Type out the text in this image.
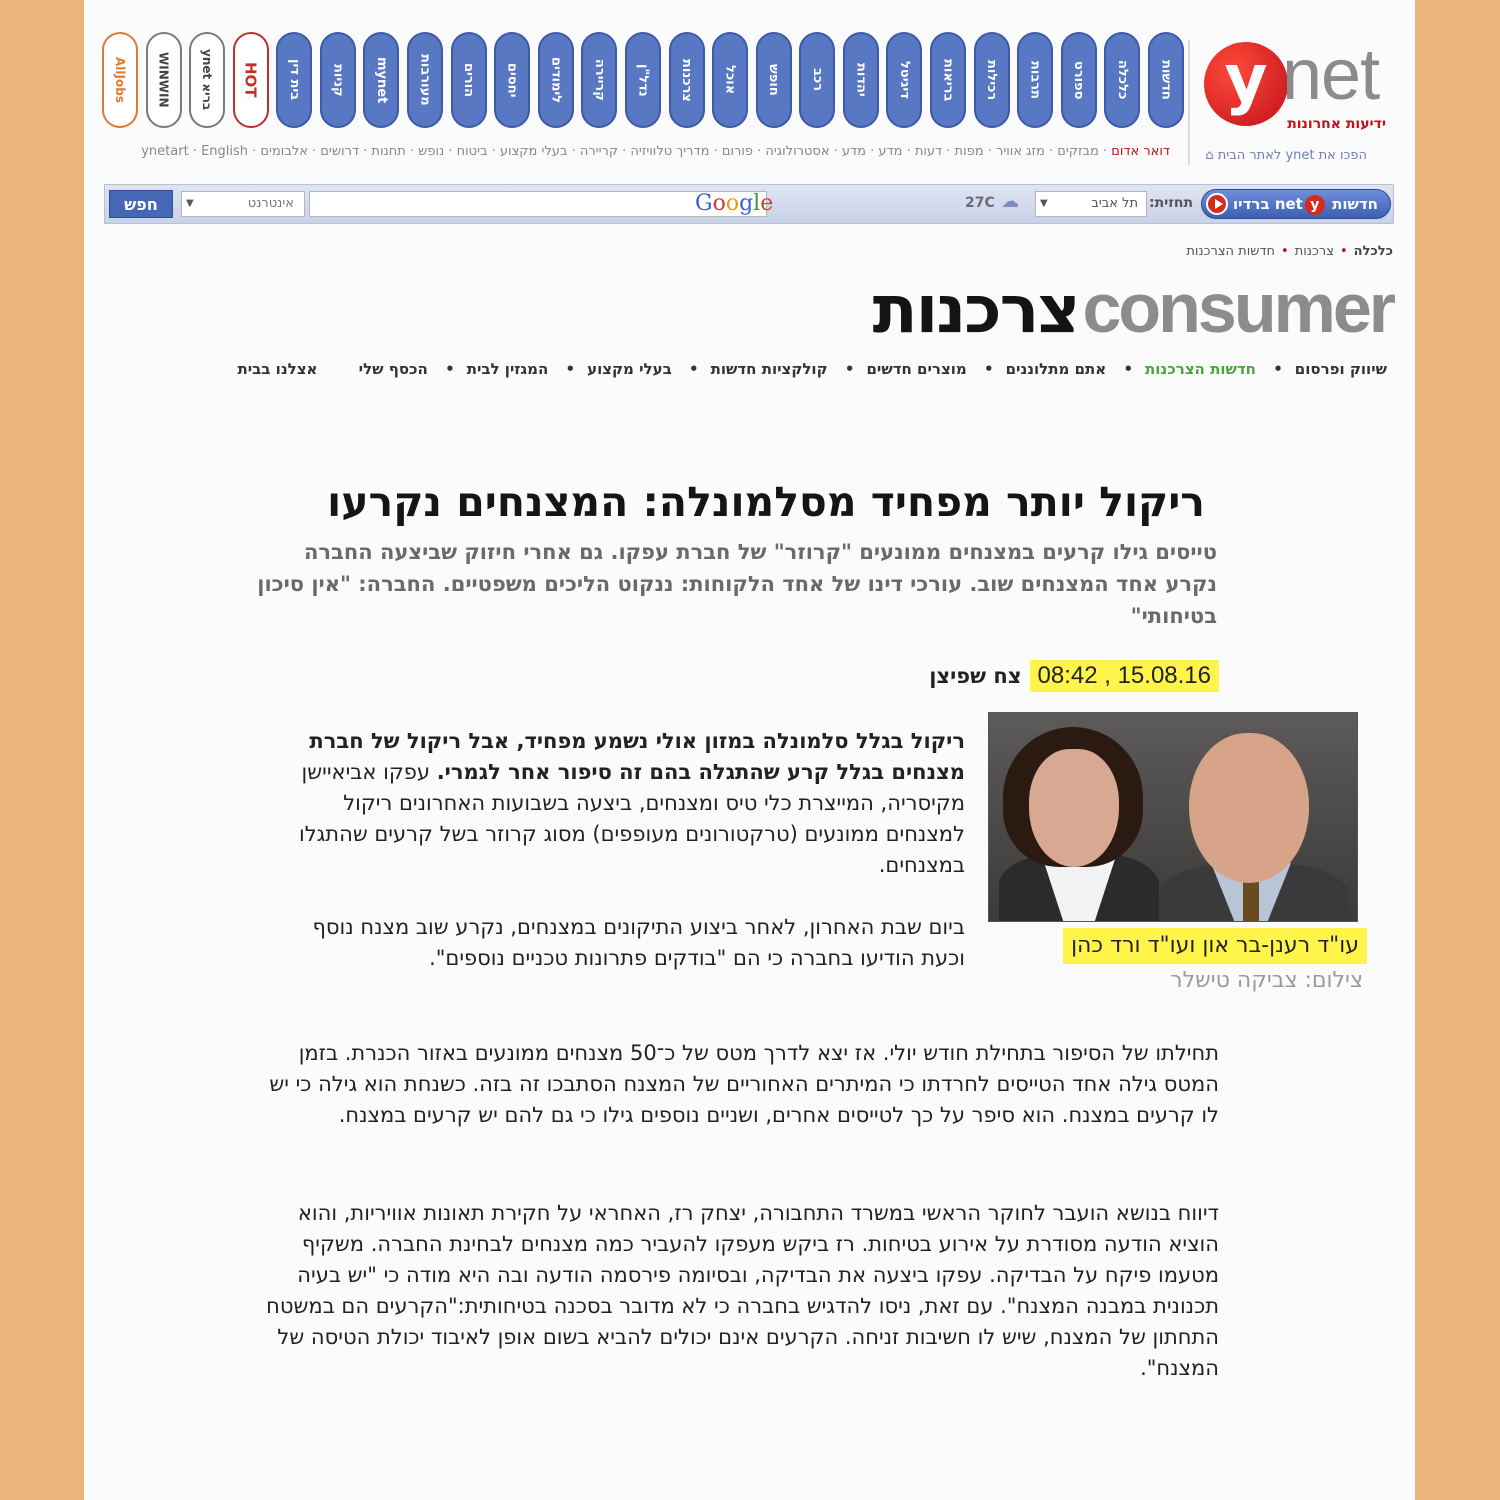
חדשות
כלכלה
ספורט
תרבות
רכילות
בריאות
דיגיטל
יהדות
רכב
חופש
אוכל
צרכנות
נדל"ן
קריירה
לימודים
יחסים
הורים
מעורבות
mynet
קניות
בית דין
HOT
ynet בריא
WINWIN
AllJobs	y net
ידיעות אחרונות
הפכו את ynet לאתר הבית ⌂
דואר אדום · מבזקים · מזג אוויר · מפות · דעות · מדע · מדע · אסטרולוגיה · פורום · מדריך טלוויזיה · קריירה · בעלי מקצוע · ביטוח · נופש · תחנות · דרושים · אלבומים · ynetart · English
חפש	▼	אינטרנט	Google	27C ☁ ▼	תל אביב תחזית:	חדשות ynet ברדיו
כלכלה•צרכנות•חדשות הצרכנות
צרכנות consumer
שיווק ופרסום• חדשות הצרכנות• אתם מתלוננים• מוצרים חדשים• קולקציות חדשות• בעלי מקצוע• המגזין לבית• הכסף שלי אצלנו בבית
ריקול יותר מפחיד מסלמונלה: המצנחים נקרעו
טייסים גילו קרעים במצנחים ממונעים "קרוזר" של חברת עפקו. גם אחרי חיזוק שביצעה החברה נקרע אחד המצנחים שוב. עורכי דינו של אחד הלקוחות: ננקוט הליכים משפטיים. החברה: "אין סיכון בטיחותי"
15.08.16 , 08:42
צח שפיצן
עו"ד רענן-בר און ועו"ד ורד כהן
צילום: צביקה טישלר
ריקול בגלל סלמונלה במזון אולי נשמע מפחיד, אבל ריקול של חברת מצנחים בגלל קרע שהתגלה בהם זה סיפור אחר לגמרי. עפקו אביאיישן מקיסריה, המייצרת כלי טיס ומצנחים, ביצעה בשבועות האחרונים ריקול למצנחים ממונעים (טרקטורונים מעופפים) מסוג קרוזר בשל קרעים שהתגלו במצנחים.
ביום שבת האחרון, לאחר ביצוע התיקונים במצנחים, נקרע שוב מצנח נוסף וכעת הודיעו בחברה כי הם "בודקים פתרונות טכניים נוספים".
תחילתו של הסיפור בתחילת חודש יולי. אז יצא לדרך מטס של כ־50 מצנחים ממונעים באזור הכנרת. בזמן המטס גילה אחד הטייסים לחרדתו כי המיתרים האחוריים של המצנח הסתבכו זה בזה. כשנחת הוא גילה כי יש לו קרעים במצנח. הוא סיפר על כך לטייסים אחרים, ושניים נוספים גילו כי גם להם יש קרעים במצנח.
דיווח בנושא הועבר לחוקר הראשי במשרד התחבורה, יצחק רז, האחראי על חקירת תאונות אוויריות, והוא הוציא הודעה מסודרת על אירוע בטיחות. רז ביקש מעפקו להעביר כמה מצנחים לבחינת החברה. משקיף מטעמו פיקח על הבדיקה. עפקו ביצעה את הבדיקה, ובסיומה פירסמה הודעה ובה היא מודה כי "יש בעיה תכנונית במבנה המצנח". עם זאת, ניסו להדגיש בחברה כי לא מדובר בסכנה בטיחותית:"הקרעים הם במשטח התחתון של המצנח, שיש לו חשיבות זניחה. הקרעים אינם יכולים להביא בשום אופן לאיבוד יכולת הטיסה של המצנח".
